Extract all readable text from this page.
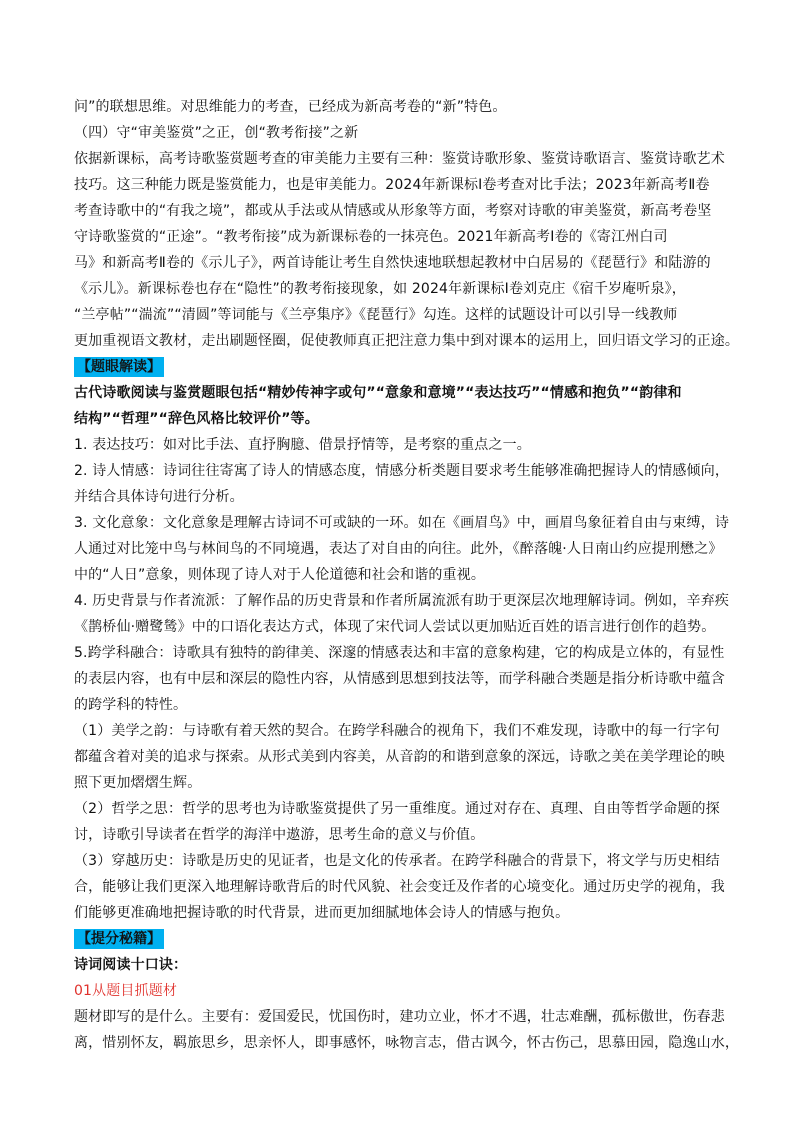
问”的联想思维。对思维能力的考查，已经成为新高考卷的“新”特色。

（四）守“审美鉴赏”之正，创“教考衔接”之新

依据新课标，高考诗歌鉴赏题考查的审美能力主要有三种：鉴赏诗歌形象、鉴赏诗歌语言、鉴赏诗歌艺术
技巧。这三种能力既是鉴赏能力，也是审美能力。2024年新课标Ⅰ卷考查对比手法；2023年新高考Ⅱ卷
考查诗歌中的“有我之境”，都或从手法或从情感或从形象等方面，考察对诗歌的审美鉴赏，新高考卷坚
守诗歌鉴赏的“正途”。“教考衔接”成为新课标卷的一抹亮色。2021年新高考Ⅰ卷的《寄江州白司
马》和新高考Ⅱ卷的《示儿子》，两首诗能让考生自然快速地联想起教材中白居易的《琵琶行》和陆游的
《示儿》。新课标卷也存在“隐性”的教考衔接现象，如 2024年新课标Ⅰ卷刘克庄《宿千岁庵听泉》，
“兰亭帖”“湍流”“清圆”等词能与《兰亭集序》《琵琶行》勾连。这样的试题设计可以引导一线教师
更加重视语文教材，走出刷题怪圈，促使教师真正把注意力集中到对课本的运用上，回归语文学习的正途。

【题眼解读】

古代诗歌阅读与鉴赏题眼包括“精妙传神字或句”“意象和意境”“表达技巧”“情感和抱负”“韵律和
结构”“哲理”“辞色风格比较评价”等。

1. 表达技巧：如对比手法、直抒胸臆、借景抒情等，是考察的重点之一。

2. 诗人情感：诗词往往寄寓了诗人的情感态度，情感分析类题目要求考生能够准确把握诗人的情感倾向，
并结合具体诗句进行分析。

3. 文化意象：文化意象是理解古诗词不可或缺的一环。如在《画眉鸟》中，画眉鸟象征着自由与束缚，诗
人通过对比笼中鸟与林间鸟的不同境遇，表达了对自由的向往。此外，《醉落魄·人日南山约应提刑懋之》
中的“人日”意象，则体现了诗人对于人伦道德和社会和谐的重视。

4. 历史背景与作者流派：了解作品的历史背景和作者所属流派有助于更深层次地理解诗词。例如，辛弃疾
《鹊桥仙·赠鹭鸶》中的口语化表达方式，体现了宋代词人尝试以更加贴近百姓的语言进行创作的趋势。

5.跨学科融合：诗歌具有独特的韵律美、深邃的情感表达和丰富的意象构建，它的构成是立体的，有显性
的表层内容，也有中层和深层的隐性内容，从情感到思想到技法等，而学科融合类题是指分析诗歌中蕴含
的跨学科的特性。

（1）美学之韵：与诗歌有着天然的契合。在跨学科融合的视角下，我们不难发现，诗歌中的每一行字句
都蕴含着对美的追求与探索。从形式美到内容美，从音韵的和谐到意象的深远，诗歌之美在美学理论的映
照下更加熠熠生辉。

（2）哲学之思：哲学的思考也为诗歌鉴赏提供了另一重维度。通过对存在、真理、自由等哲学命题的探
讨，诗歌引导读者在哲学的海洋中遨游，思考生命的意义与价值。

（3）穿越历史：诗歌是历史的见证者，也是文化的传承者。在跨学科融合的背景下，将文学与历史相结
合，能够让我们更深入地理解诗歌背后的时代风貌、社会变迁及作者的心境变化。通过历史学的视角，我
们能够更准确地把握诗歌的时代背景，进而更加细腻地体会诗人的情感与抱负。

【提分秘籍】

诗词阅读十口诀：

01从题目抓题材

题材即写的是什么。主要有：爱国爱民，忧国伤时，建功立业，怀才不遇，壮志难酬，孤标傲世，伤春悲
离，惜别怀友，羁旅思乡，思亲怀人，即事感怀，咏物言志，借古讽今，怀古伤己，思慕田园，隐逸山水，
